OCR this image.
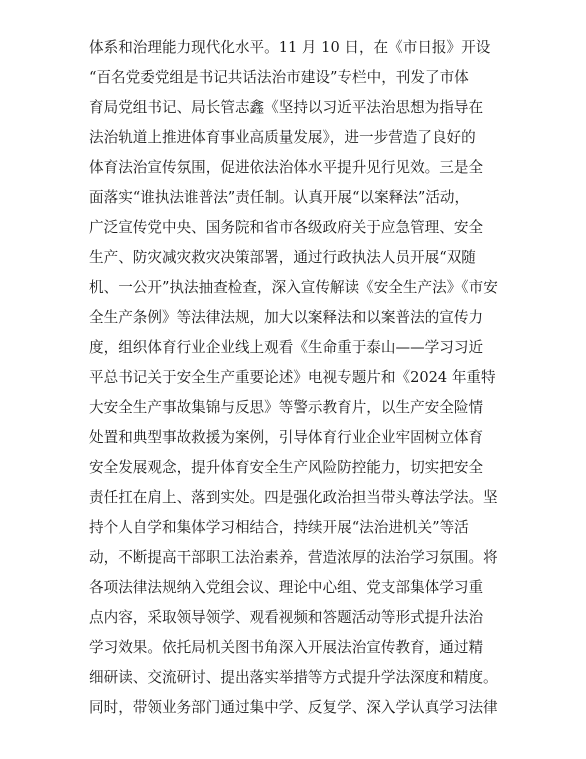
体系和治理能力现代化水平。11 月 10 日，在《市日报》开设
“百名党委党组是书记共话法治市建设”专栏中，刊发了市体
育局党组书记、局长管志鑫《坚持以习近平法治思想为指导在
法治轨道上推进体育事业高质量发展》，进一步营造了良好的
体育法治宣传氛围，促进依法治体水平提升见行见效。三是全
面落实“谁执法谁普法”责任制。认真开展“以案释法”活动，
广泛宣传党中央、国务院和省市各级政府关于应急管理、安全
生产、防灾减灾救灾决策部署，通过行政执法人员开展“双随
机、一公开”执法抽查检查，深入宣传解读《安全生产法》《市安
全生产条例》等法律法规，加大以案释法和以案普法的宣传力
度，组织体育行业企业线上观看《生命重于泰山——学习习近
平总书记关于安全生产重要论述》电视专题片和《2024 年重特
大安全生产事故集锦与反思》等警示教育片，以生产安全险情
处置和典型事故救援为案例，引导体育行业企业牢固树立体育
安全发展观念，提升体育安全生产风险防控能力，切实把安全
责任扛在肩上、落到实处。四是强化政治担当带头尊法学法。坚
持个人自学和集体学习相结合，持续开展“法治进机关”等活
动，不断提高干部职工法治素养，营造浓厚的法治学习氛围。将
各项法律法规纳入党组会议、理论中心组、党支部集体学习重
点内容，采取领导领学、观看视频和答题活动等形式提升法治
学习效果。依托局机关图书角深入开展法治宣传教育，通过精
细研读、交流研讨、提出落实举措等方式提升学法深度和精度。
同时，带领业务部门通过集中学、反复学、深入学认真学习法律
